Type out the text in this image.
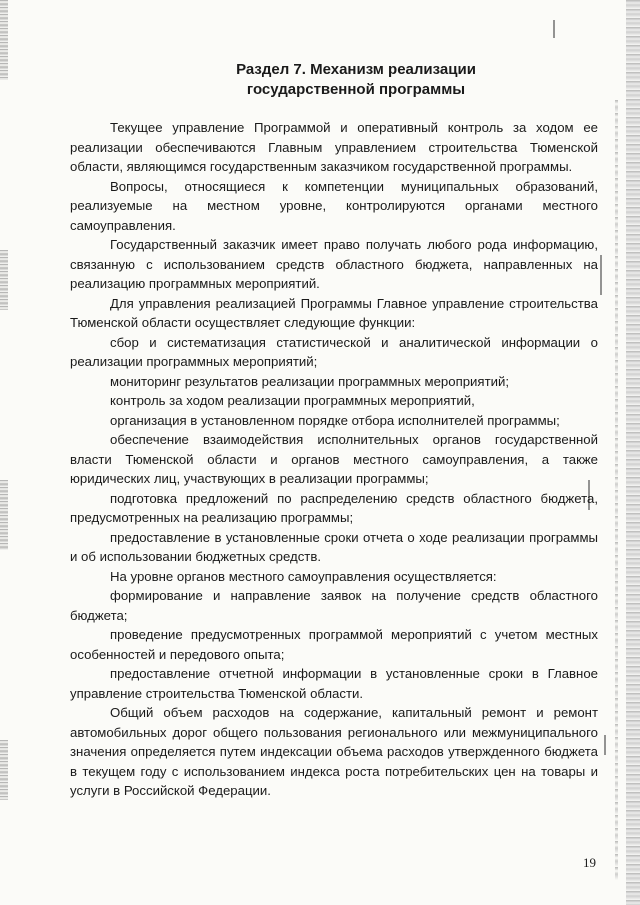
Раздел 7. Механизм реализации
государственной программы

Текущее управление Программой и оперативный контроль за ходом ее реализации обеспечиваются Главным управлением строительства Тюменской области, являющимся государственным заказчиком государственной программы.

Вопросы, относящиеся к компетенции муниципальных образований, реализуемые на местном уровне, контролируются органами местного самоуправления.

Государственный заказчик имеет право получать любого рода информацию, связанную с использованием средств областного бюджета, направленных на реализацию программных мероприятий.

Для управления реализацией Программы Главное управление строительства Тюменской области осуществляет следующие функции:

сбор и систематизация статистической и аналитической информации о реализации программных мероприятий;

мониторинг результатов реализации программных мероприятий;

контроль за ходом реализации программных мероприятий,

организация в установленном порядке отбора исполнителей программы;

обеспечение взаимодействия исполнительных органов государственной власти Тюменской области и органов местного самоуправления, а также юридических лиц, участвующих в реализации программы;

подготовка предложений по распределению средств областного бюджета, предусмотренных на реализацию программы;

предоставление в установленные сроки отчета о ходе реализации программы и об использовании бюджетных средств.

На уровне органов местного самоуправления осуществляется:

формирование и направление заявок на получение средств областного бюджета;

проведение предусмотренных программой мероприятий с учетом местных особенностей и передового опыта;

предоставление отчетной информации в установленные сроки в Главное управление строительства Тюменской области.

Общий объем расходов на содержание, капитальный ремонт и ремонт автомобильных дорог общего пользования регионального или межмуниципального значения определяется путем индексации объема расходов утвержденного бюджета в текущем году с использованием индекса роста потребительских цен на товары и услуги в Российской Федерации.

19
